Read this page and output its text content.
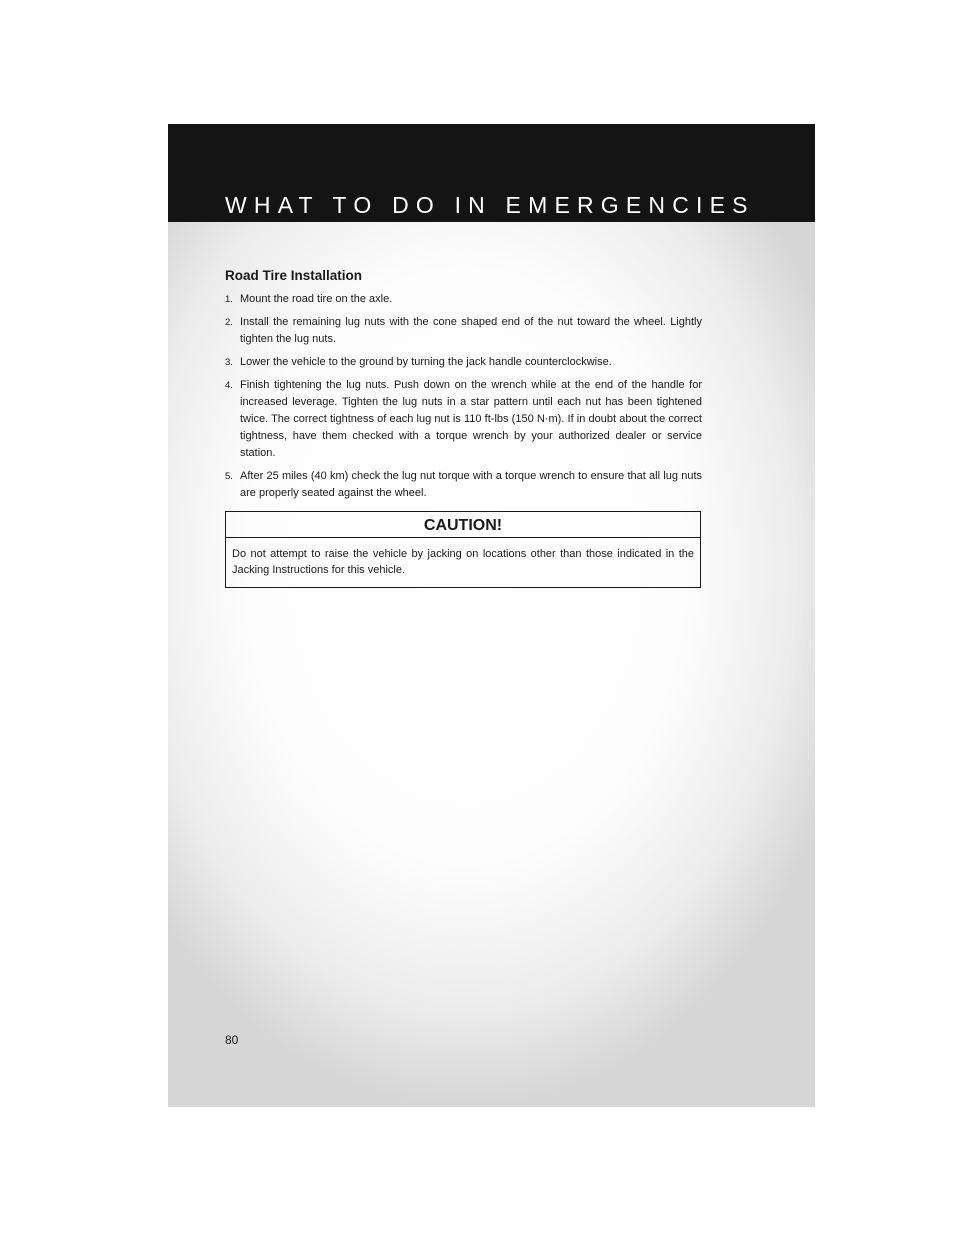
WHAT TO DO IN EMERGENCIES
Road Tire Installation
1. Mount the road tire on the axle.
2. Install the remaining lug nuts with the cone shaped end of the nut toward the wheel. Lightly tighten the lug nuts.
3. Lower the vehicle to the ground by turning the jack handle counterclockwise.
4. Finish tightening the lug nuts. Push down on the wrench while at the end of the handle for increased leverage. Tighten the lug nuts in a star pattern until each nut has been tightened twice. The correct tightness of each lug nut is 110 ft-lbs (150 N·m). If in doubt about the correct tightness, have them checked with a torque wrench by your authorized dealer or service station.
5. After 25 miles (40 km) check the lug nut torque with a torque wrench to ensure that all lug nuts are properly seated against the wheel.
CAUTION!
Do not attempt to raise the vehicle by jacking on locations other than those indicated in the Jacking Instructions for this vehicle.
80
